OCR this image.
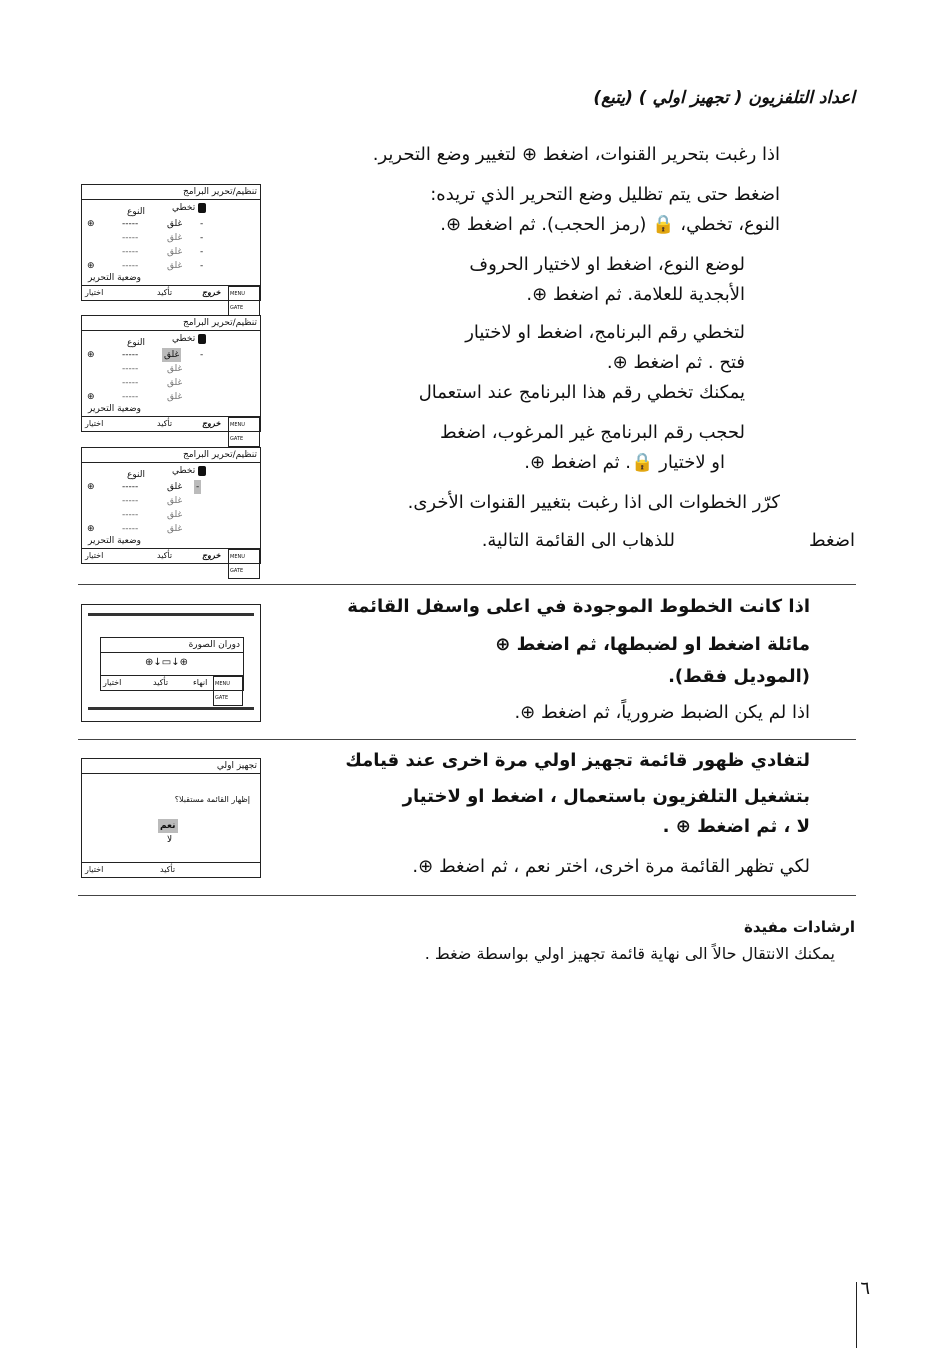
اعداد التلفزيون ( تجهيز اولي ) (يتبع)
اذا رغبت بتحرير القنوات، اضغط ⊕ لتغيير وضع التحرير.
اضغط حتى يتم تظليل وضع التحرير الذي تريده:
النوع، تخطي، 🔒 (رمز الحجب). ثم اضغط ⊕.
لوضع النوع، اضغط او لاختيار الحروف
الأبجدية للعلامة. ثم اضغط ⊕.
لتخطي رقم البرنامج، اضغط او لاختيار
فتح . ثم اضغط ⊕.
يمكنك تخطي رقم هذا البرنامج عند استعمال
لحجب رقم البرنامج غير المرغوب، اضغط
او لاختيار 🔒. ثم اضغط ⊕.
كرّر الخطوات الى اذا رغبت بتغيير القنوات الأخرى.
اضغط
للذهاب الى القائمة التالية.
تنظيم/تحرير البرامج
تخطي
النوع
⊕	-----	غلق -
-----	غلق -
-----	غلق -
⊕	-----	غلق -
وضعية التحرير
اختيار	تأكيد	خروج	MENU GATE
تنظيم/تحرير البرامج
تخطي
النوع
⊕	-----	غلق -
-----	غلق
-----	غلق
⊕	-----	غلق
وضعية التحرير
اختيار	تأكيد	خروج	MENU GATE
تنظيم/تحرير البرامج
تخطي
النوع
⊕	-----	غلق -
-----	غلق
-----	غلق
⊕	-----	غلق
وضعية التحرير
اختيار	تأكيد	خروج	MENU GATE
اذا كانت الخطوط الموجودة في اعلى واسفل القائمة
مائلة اضغط او لضبطها، ثم اضغط ⊕
(الموديل فقط).
اذا لم يكن الضبط ضرورياً، ثم اضغط ⊕.
دوران الصورة
⊕↓▭↓⊕
اختيار	تأكيد	انهاء	MENU GATE
لتفادي ظهور قائمة تجهيز اولي مرة اخرى عند قيامك
بتشغيل التلفزيون باستعمال ، اضغط او لاختيار
لا ، ثم اضغط ⊕ .
لكي تظهر القائمة مرة اخرى، اختر نعم ، ثم اضغط ⊕.
تجهيز اولي
إظهار القائمة مستقبلا؟
نعم
لا
اختيار	تأكيد
ارشادات مفيدة
يمكنك الانتقال حالاً الى نهاية قائمة تجهيز اولي بواسطة ضغط .
٦
